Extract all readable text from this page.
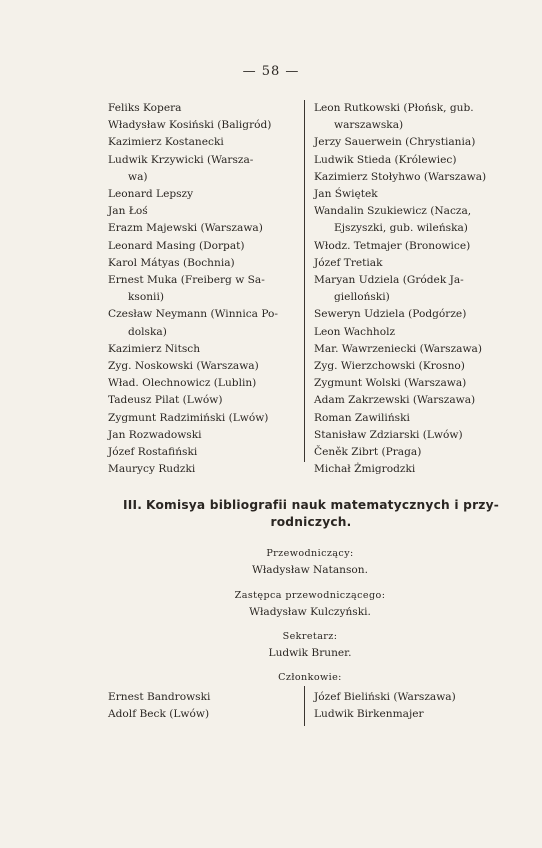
— 58 —
Feliks Kopera
Władysław Kosiński (Baligród)
Kazimierz Kostanecki
Ludwik Krzywicki (Warsza-
wa)
Leonard Lepszy
Jan Łoś
Erazm Majewski (Warszawa)
Leonard Masing (Dorpat)
Karol Mátyas (Bochnia)
Ernest Muka (Freiberg w Sa-
ksonii)
Czesław Neymann (Winnica Po-
dolska)
Kazimierz Nitsch
Zyg. Noskowski (Warszawa)
Wład. Olechnowicz (Lublin)
Tadeusz Pilat (Lwów)
Zygmunt Radzimiński (Lwów)
Jan Rozwadowski
Józef Rostafiński
Maurycy Rudzki
Leon Rutkowski (Płońsk, gub.
warszawska)
Jerzy Sauerwein (Chrystiania)
Ludwik Stieda (Królewiec)
Kazimierz Stołyhwo (Warszawa)
Jan Świętek
Wandalin Szukiewicz (Nacza,
Ejszyszki, gub. wileńska)
Włodz. Tetmajer (Bronowice)
Józef Tretiak
Maryan Udziela (Gródek Ja-
gielloński)
Seweryn Udziela (Podgórze)
Leon Wachholz
Mar. Wawrzeniecki (Warszawa)
Zyg. Wierzchowski (Krosno)
Zygmunt Wolski (Warszawa)
Adam Zakrzewski (Warszawa)
Roman Zawiliński
Stanisław Zdziarski (Lwów)
Čeněk Zibrt (Praga)
Michał Żmigrodzki
III. Komisya bibliografii nauk matematycznych i przy-
rodniczych.
Przewodniczący:
Władysław Natanson.
Zastępca przewodniczącego:
Władysław Kulczyński.
Sekretarz:
Ludwik Bruner.
Członkowie:
Ernest Bandrowski
Adolf Beck (Lwów)
Józef Bieliński (Warszawa)
Ludwik Birkenmajer
